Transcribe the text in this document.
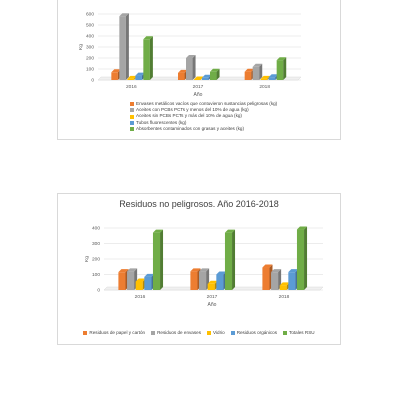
0
100
200
300
400
500
600
Kg
2016	2017	2018
Año
Envases metálicos vacíos que contuvieron sustancias peligrosas (kg)
Aceites con PCBs PCTs y menos del 10% de agua (kg)
Aceites sin PCBs PCTs y más del 10% de agua (kg)
Tubos fluorescentes (kg)
Absorbentes contaminados con grasas y aceites (kg)
Residuos no peligrosos. Año 2016-2018
0
100
200
300
400
Kg
2016	2017	2018
Año
Residuos de papel y cartón	Residuos de envases	Vidrio	Residuos orgánicos	Totales RSU
